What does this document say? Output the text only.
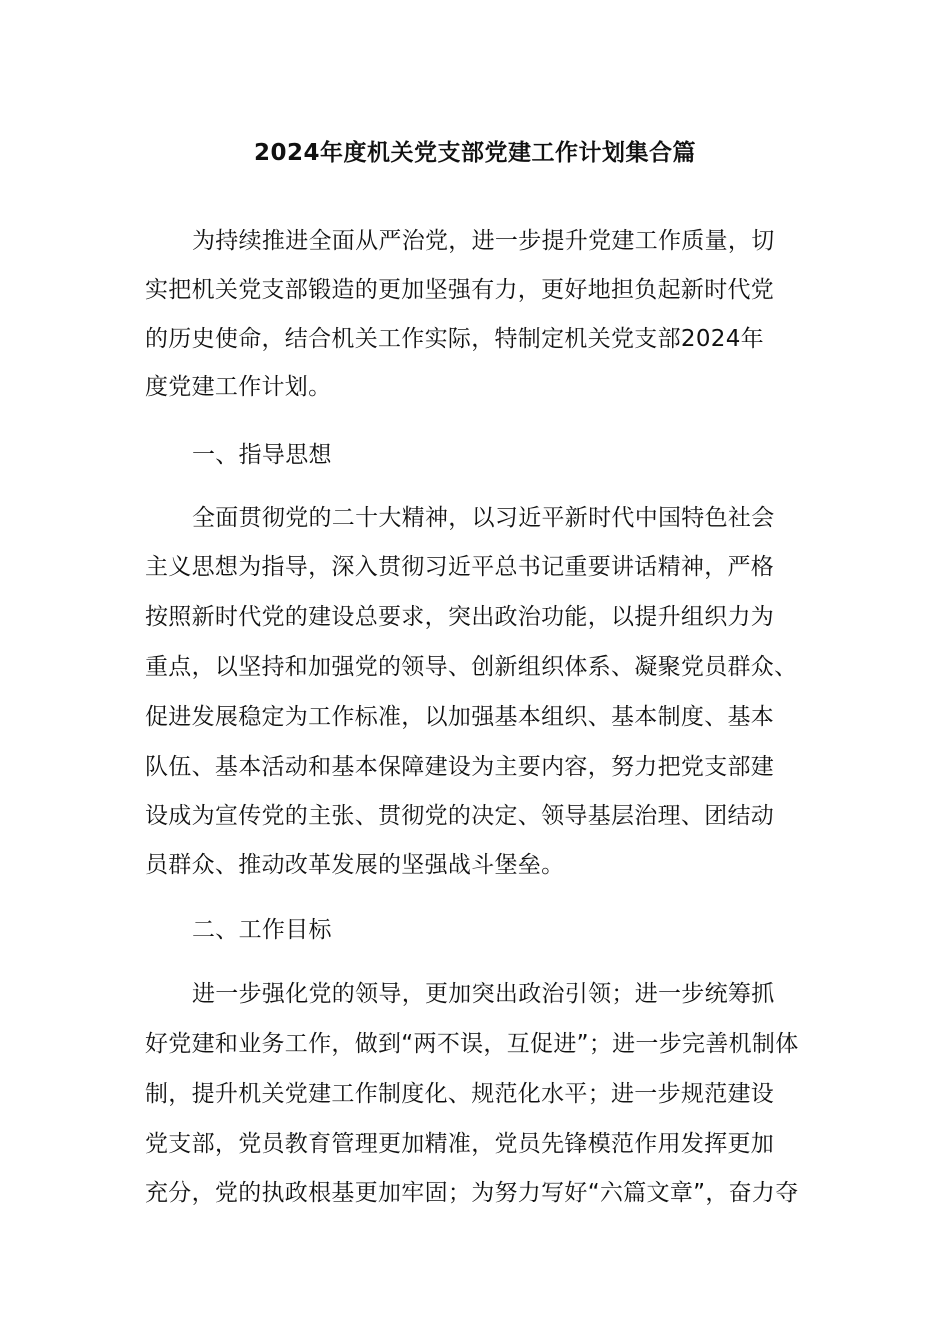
2024年度机关党支部党建工作计划集合篇

为持续推进全面从严治党，进一步提升党建工作质量，切

实把机关党支部锻造的更加坚强有力，更好地担负起新时代党

的历史使命，结合机关工作实际，特制定机关党支部2024年

度党建工作计划。

一、指导思想

全面贯彻党的二十大精神，以习近平新时代中国特色社会

主义思想为指导，深入贯彻习近平总书记重要讲话精神，严格

按照新时代党的建设总要求，突出政治功能，以提升组织力为

重点，以坚持和加强党的领导、创新组织体系、凝聚党员群众、

促进发展稳定为工作标准，以加强基本组织、基本制度、基本

队伍、基本活动和基本保障建设为主要内容，努力把党支部建

设成为宣传党的主张、贯彻党的决定、领导基层治理、团结动

员群众、推动改革发展的坚强战斗堡垒。

二、工作目标

进一步强化党的领导，更加突出政治引领；进一步统筹抓

好党建和业务工作，做到“两不误，互促进”；进一步完善机制体

制，提升机关党建工作制度化、规范化水平；进一步规范建设

党支部，党员教育管理更加精准，党员先锋模范作用发挥更加

充分，党的执政根基更加牢固；为努力写好“六篇文章”，奋力夺
